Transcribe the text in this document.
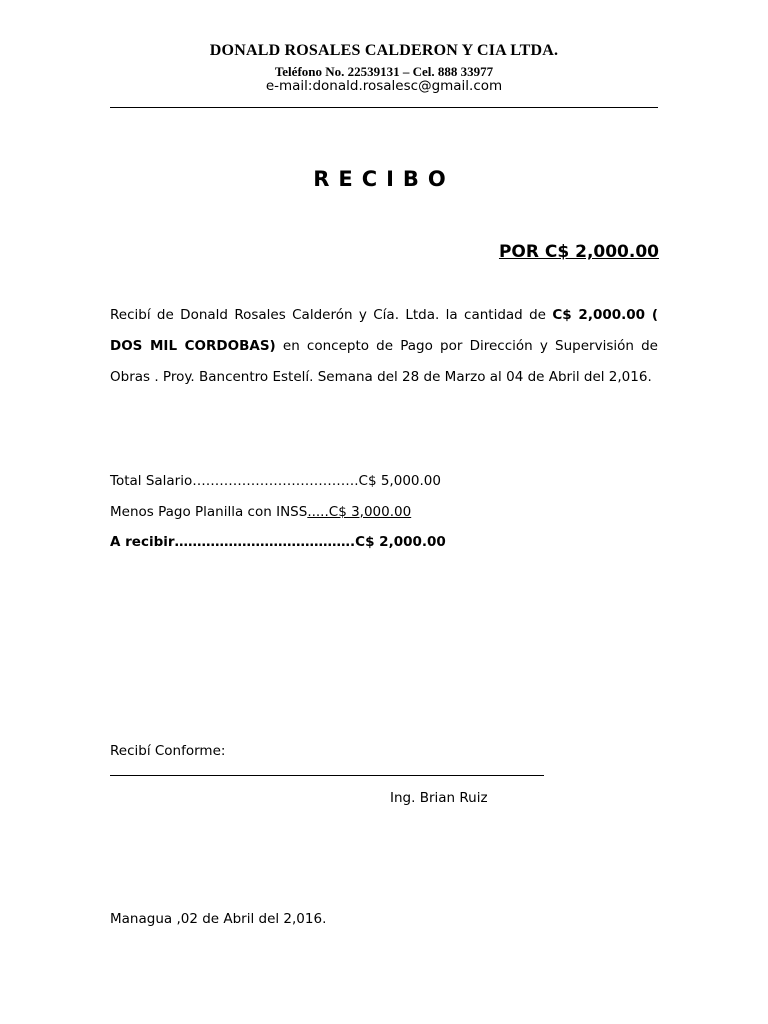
DONALD ROSALES CALDERON Y CIA LTDA.
Teléfono No. 22539131 – Cel. 888 33977
e-mail:donald.rosalesc@gmail.com
RECIBO
POR C$ 2,000.00
Recibí de Donald Rosales Calderón y Cía. Ltda. la cantidad de C$ 2,000.00 ( DOS MIL CORDOBAS) en concepto de Pago por Dirección y Supervisión de Obras . Proy. Bancentro Estelí. Semana del 28 de Marzo al 04 de Abril del 2,016.
Total Salario……………………………….C$ 5,000.00
Menos Pago Planilla con INSS.....C$ 3,000.00
A recibir………………………………….C$ 2,000.00
Recibí Conforme:
Ing. Brian Ruiz
Managua ,02 de Abril del 2,016.
